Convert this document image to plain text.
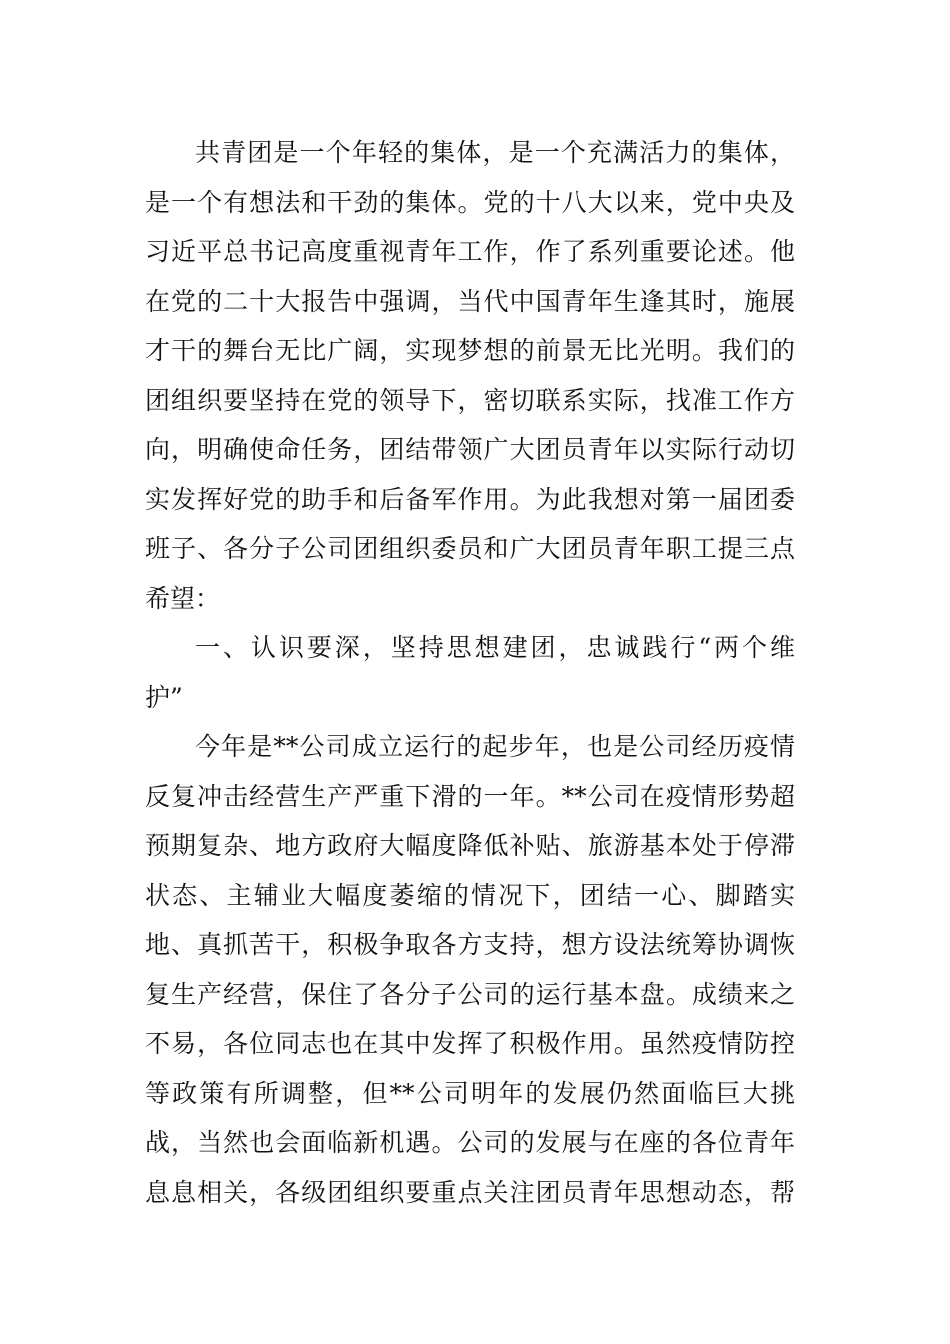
共青团是一个年轻的集体，是一个充满活力的集体，
是一个有想法和干劲的集体。党的十八大以来，党中央及
习近平总书记高度重视青年工作，作了系列重要论述。他
在党的二十大报告中强调，当代中国青年生逢其时，施展
才干的舞台无比广阔，实现梦想的前景无比光明。我们的
团组织要坚持在党的领导下，密切联系实际，找准工作方
向，明确使命任务，团结带领广大团员青年以实际行动切
实发挥好党的助手和后备军作用。为此我想对第一届团委
班子、各分子公司团组织委员和广大团员青年职工提三点
希望：
一、认识要深，坚持思想建团，忠诚践行“两个维
护”
今年是**公司成立运行的起步年，也是公司经历疫情
反复冲击经营生产严重下滑的一年。**公司在疫情形势超
预期复杂、地方政府大幅度降低补贴、旅游基本处于停滞
状态、主辅业大幅度萎缩的情况下，团结一心、脚踏实
地、真抓苦干，积极争取各方支持，想方设法统筹协调恢
复生产经营，保住了各分子公司的运行基本盘。成绩来之
不易，各位同志也在其中发挥了积极作用。虽然疫情防控
等政策有所调整，但**公司明年的发展仍然面临巨大挑
战，当然也会面临新机遇。公司的发展与在座的各位青年
息息相关，各级团组织要重点关注团员青年思想动态，帮
